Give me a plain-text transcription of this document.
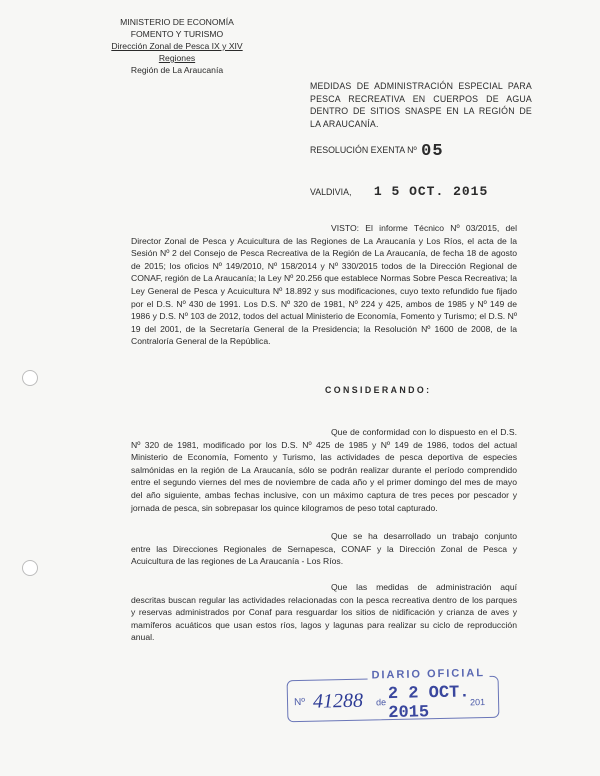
MINISTERIO DE ECONOMÍA
FOMENTO Y TURISMO
Dirección Zonal de Pesca IX y XIV Regiones
Región de La Araucanía
MEDIDAS DE ADMINISTRACIÓN ESPECIAL PARA PESCA RECREATIVA EN CUERPOS DE AGUA DENTRO DE SITIOS SNASPE EN LA REGIÓN DE LA ARAUCANÍA.
RESOLUCIÓN EXENTA Nº 05
VALDIVIA, 1 5 OCT. 2015
VISTO: El informe Técnico Nº 03/2015, del Director Zonal de Pesca y Acuicultura de las Regiones de La Araucanía y Los Ríos, el acta de la Sesión Nº 2 del Consejo de Pesca Recreativa de la Región de La Araucanía, de fecha 18 de agosto de 2015; los oficios Nº 149/2010, Nº 158/2014 y Nº 330/2015 todos de la Dirección Regional de CONAF, región de La Araucanía; la Ley Nº 20.256 que establece Normas Sobre Pesca Recreativa; la Ley General de Pesca y Acuicultura Nº 18.892 y sus modificaciones, cuyo texto refundido fue fijado por el D.S. Nº 430 de 1991. Los D.S. Nº 320 de 1981, Nº 224 y 425, ambos de 1985 y Nº 149 de 1986 y D.S. Nº 103 de 2012, todos del actual Ministerio de Economía, Fomento y Turismo; el D.S. Nº 19 del 2001, de la Secretaría General de la Presidencia; la Resolución Nº 1600 de 2008, de la Contraloría General de la República.
CONSIDERANDO:
Que de conformidad con lo dispuesto en el D.S. Nº 320 de 1981, modificado por los D.S. Nº 425 de 1985 y Nº 149 de 1986, todos del actual Ministerio de Economía, Fomento y Turismo, las actividades de pesca deportiva de especies salmónidas en la región de La Araucanía, sólo se podrán realizar durante el período comprendido entre el segundo viernes del mes de noviembre de cada año y el primer domingo del mes de mayo del año siguiente, ambas fechas inclusive, con un máximo captura de tres peces por pescador y jornada de pesca, sin sobrepasar los quince kilogramos de peso total capturado.
Que se ha desarrollado un trabajo conjunto entre las Direcciones Regionales de Sernapesca, CONAF y la Dirección Zonal de Pesca y Acuicultura de las regiones de La Araucanía - Los Ríos.
Que las medidas de administración aquí descritas buscan regular las actividades relacionadas con la pesca recreativa dentro de los parques y reservas administrados por Conaf para resguardar los sitios de nidificación y crianza de aves y mamíferos acuáticos que usan estos ríos, lagos y lagunas para realizar su ciclo de reproducción anual.
DIARIO OFICIAL
Nº 41288 de 2 2 OCT. 2015
201
